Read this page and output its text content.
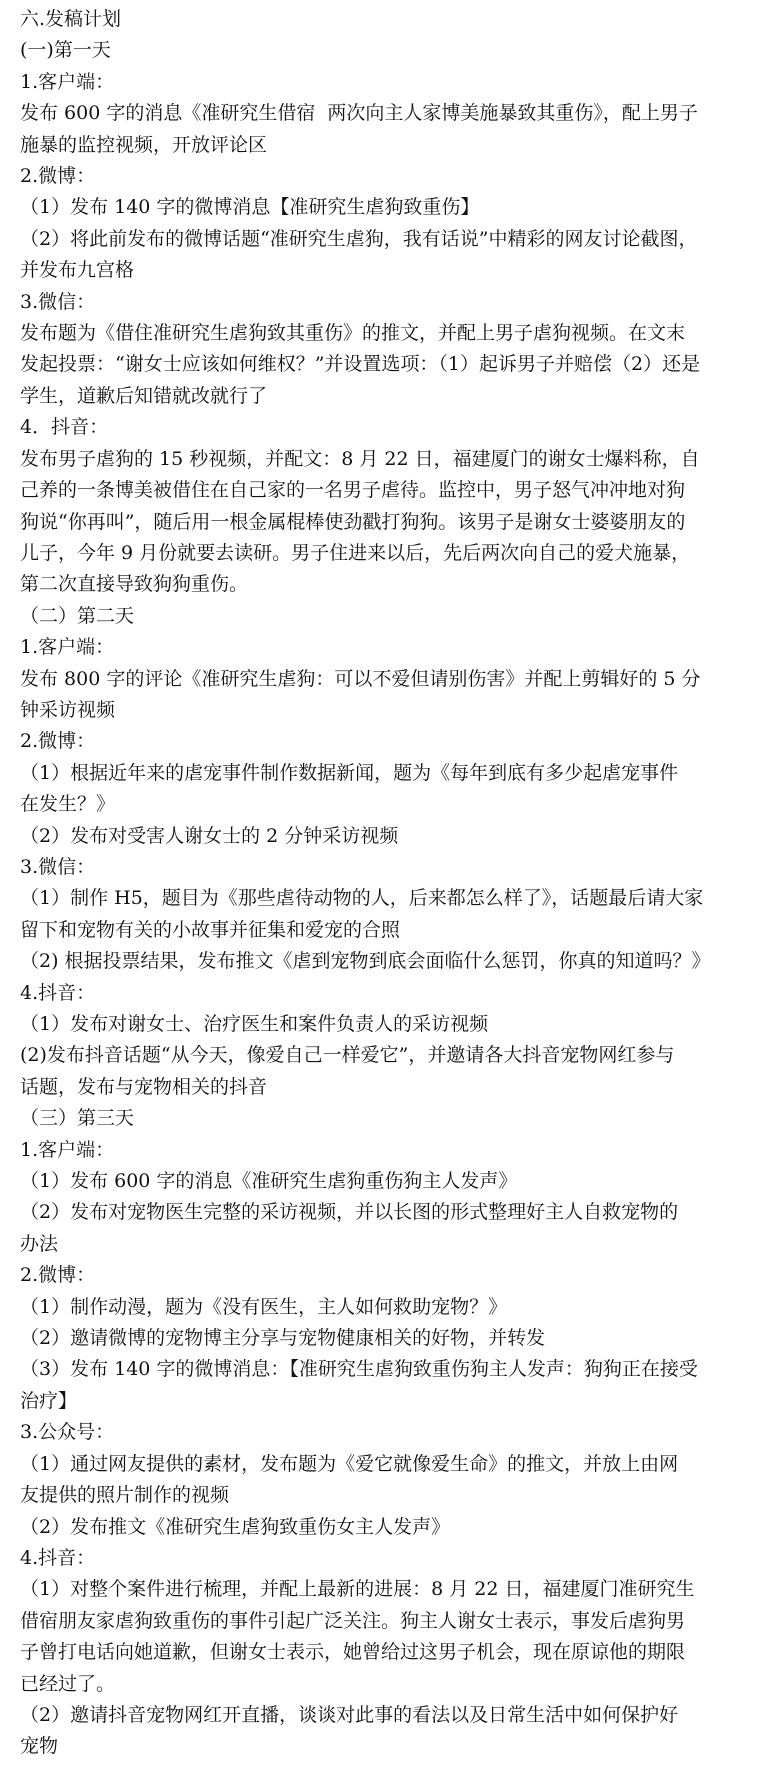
六.发稿计划

(一)第一天

1.客户端：

发布 600 字的消息《准研究生借宿  两次向主人家博美施暴致其重伤》，配上男子

施暴的监控视频，开放评论区

2.微博：

（1）发布 140 字的微博消息【准研究生虐狗致重伤】

（2）将此前发布的微博话题“准研究生虐狗，我有话说”中精彩的网友讨论截图，

并发布九宫格

3.微信：

发布题为《借住准研究生虐狗致其重伤》的推文，并配上男子虐狗视频。在文末

发起投票：“谢女士应该如何维权？”并设置选项：（1）起诉男子并赔偿（2）还是

学生，道歉后知错就改就行了

4．抖音：

发布男子虐狗的 15 秒视频，并配文：8 月 22 日，福建厦门的谢女士爆料称，自

己养的一条博美被借住在自己家的一名男子虐待。监控中，男子怒气冲冲地对狗

狗说“你再叫”，随后用一根金属棍棒使劲戳打狗狗。该男子是谢女士婆婆朋友的

儿子，今年 9 月份就要去读研。男子住进来以后，先后两次向自己的爱犬施暴，

第二次直接导致狗狗重伤。

（二）第二天

1.客户端：

发布 800 字的评论《准研究生虐狗：可以不爱但请别伤害》并配上剪辑好的 5 分

钟采访视频

2.微博：

（1）根据近年来的虐宠事件制作数据新闻，题为《每年到底有多少起虐宠事件

在发生？》

（2）发布对受害人谢女士的 2 分钟采访视频

3.微信：

（1）制作 H5，题目为《那些虐待动物的人，后来都怎么样了》，话题最后请大家

留下和宠物有关的小故事并征集和爱宠的合照

（2) 根据投票结果，发布推文《虐到宠物到底会面临什么惩罚，你真的知道吗？》

4.抖音：

（1）发布对谢女士、治疗医生和案件负责人的采访视频

(2)发布抖音话题“从今天，像爱自己一样爱它”，并邀请各大抖音宠物网红参与

话题，发布与宠物相关的抖音

（三）第三天

1.客户端：

（1）发布 600 字的消息《准研究生虐狗重伤狗主人发声》

（2）发布对宠物医生完整的采访视频，并以长图的形式整理好主人自救宠物的

办法

2.微博：

（1）制作动漫，题为《没有医生，主人如何救助宠物？》

（2）邀请微博的宠物博主分享与宠物健康相关的好物，并转发

（3）发布 140 字的微博消息：【准研究生虐狗致重伤狗主人发声：狗狗正在接受

治疗】

3.公众号：

（1）通过网友提供的素材，发布题为《爱它就像爱生命》的推文，并放上由网

友提供的照片制作的视频

（2）发布推文《准研究生虐狗致重伤女主人发声》

4.抖音：

（1）对整个案件进行梳理，并配上最新的进展：8 月 22 日，福建厦门准研究生

借宿朋友家虐狗致重伤的事件引起广泛关注。狗主人谢女士表示，事发后虐狗男

子曾打电话向她道歉，但谢女士表示，她曾给过这男子机会，现在原谅他的期限

已经过了。

（2）邀请抖音宠物网红开直播，谈谈对此事的看法以及日常生活中如何保护好

宠物
